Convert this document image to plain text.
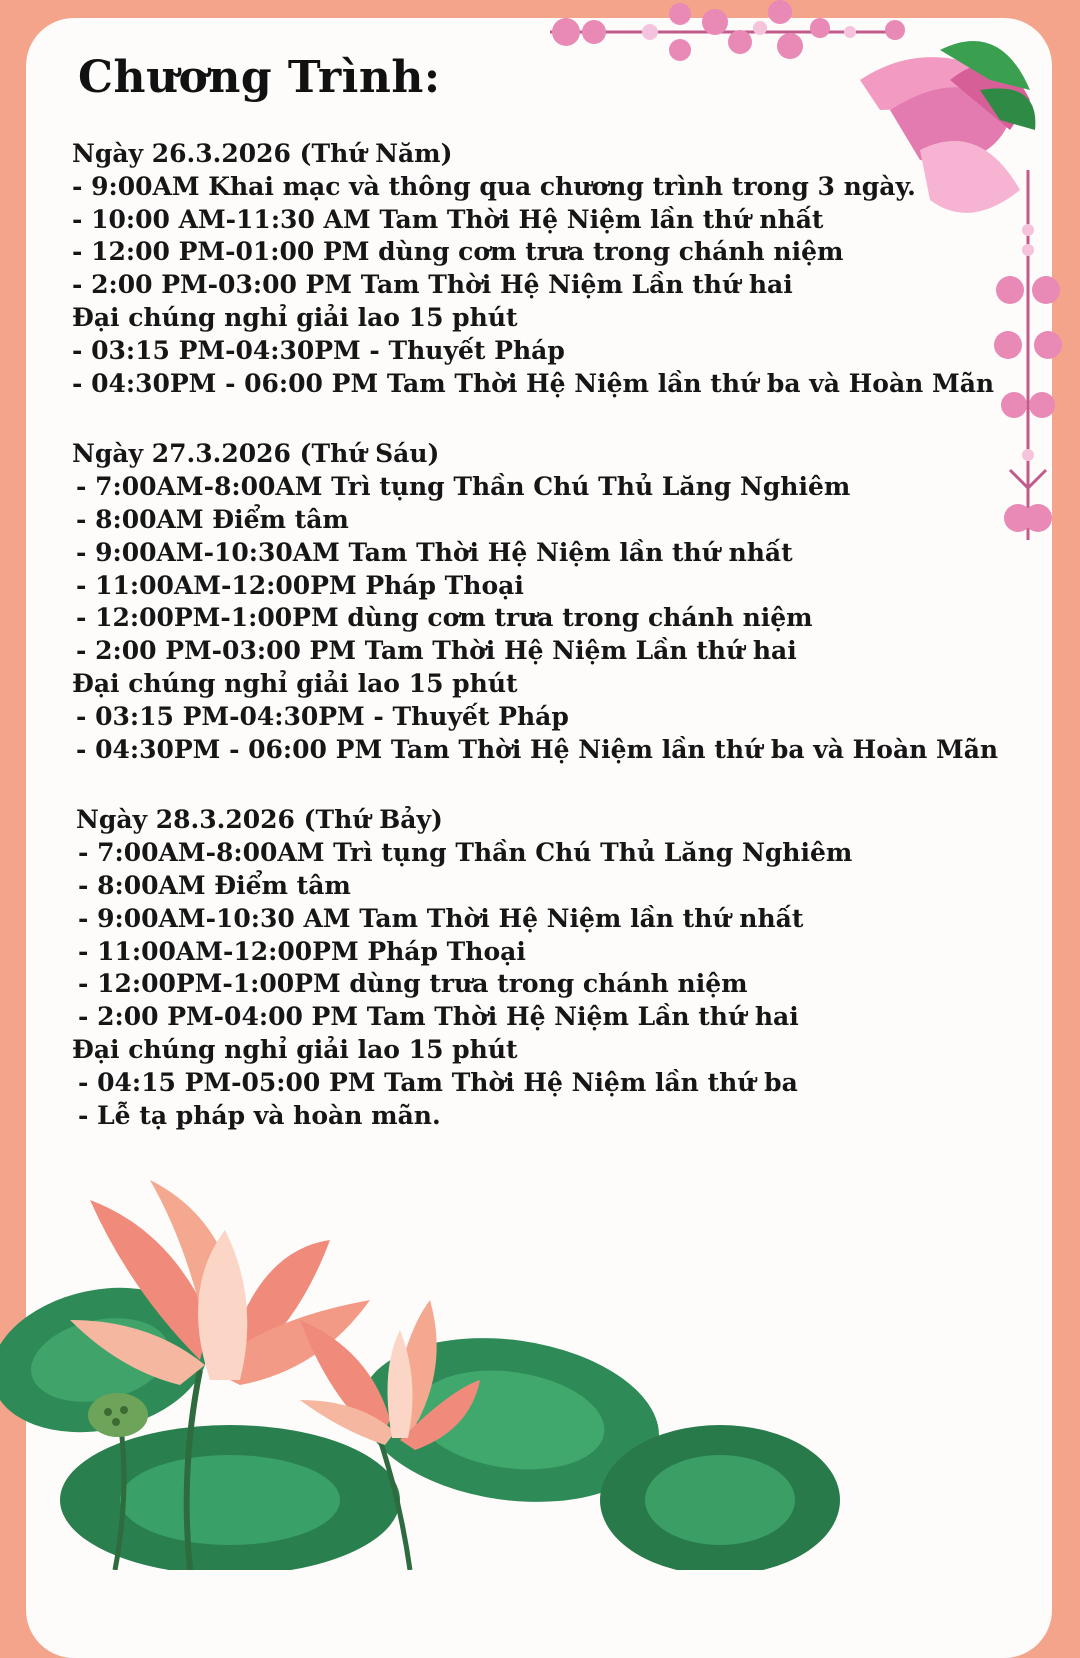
Chương Trình:
Ngày 26.3.2026 (Thứ Năm)
- 9:00AM Khai mạc và thông qua chương trình trong 3 ngày.
- 10:00 AM-11:30 AM Tam Thời Hệ Niệm lần thứ nhất
- 12:00 PM-01:00 PM dùng cơm trưa trong chánh niệm
- 2:00 PM-03:00 PM Tam Thời Hệ Niệm Lần thứ hai
Đại chúng nghỉ giải lao 15 phút
- 03:15 PM-04:30PM - Thuyết Pháp
- 04:30PM - 06:00 PM Tam Thời Hệ Niệm lần thứ ba và Hoàn Mãn
Ngày 27.3.2026 (Thứ Sáu)
- 7:00AM-8:00AM Trì tụng Thần Chú Thủ Lăng Nghiêm
- 8:00AM Điểm tâm
- 9:00AM-10:30AM Tam Thời Hệ Niệm lần thứ nhất
- 11:00AM-12:00PM Pháp Thoại
- 12:00PM-1:00PM dùng cơm trưa trong chánh niệm
- 2:00 PM-03:00 PM Tam Thời Hệ Niệm Lần thứ hai
Đại chúng nghỉ giải lao 15 phút
- 03:15 PM-04:30PM - Thuyết Pháp
- 04:30PM - 06:00 PM Tam Thời Hệ Niệm lần thứ ba và Hoàn Mãn
Ngày 28.3.2026 (Thứ Bảy)
- 7:00AM-8:00AM Trì tụng Thần Chú Thủ Lăng Nghiêm
- 8:00AM Điểm tâm
- 9:00AM-10:30 AM Tam Thời Hệ Niệm lần thứ nhất
- 11:00AM-12:00PM Pháp Thoại
- 12:00PM-1:00PM dùng trưa trong chánh niệm
- 2:00 PM-04:00 PM Tam Thời Hệ Niệm Lần thứ hai
Đại chúng nghỉ giải lao 15 phút
- 04:15 PM-05:00 PM Tam Thời Hệ Niệm lần thứ ba
- Lễ tạ pháp và hoàn mãn.
